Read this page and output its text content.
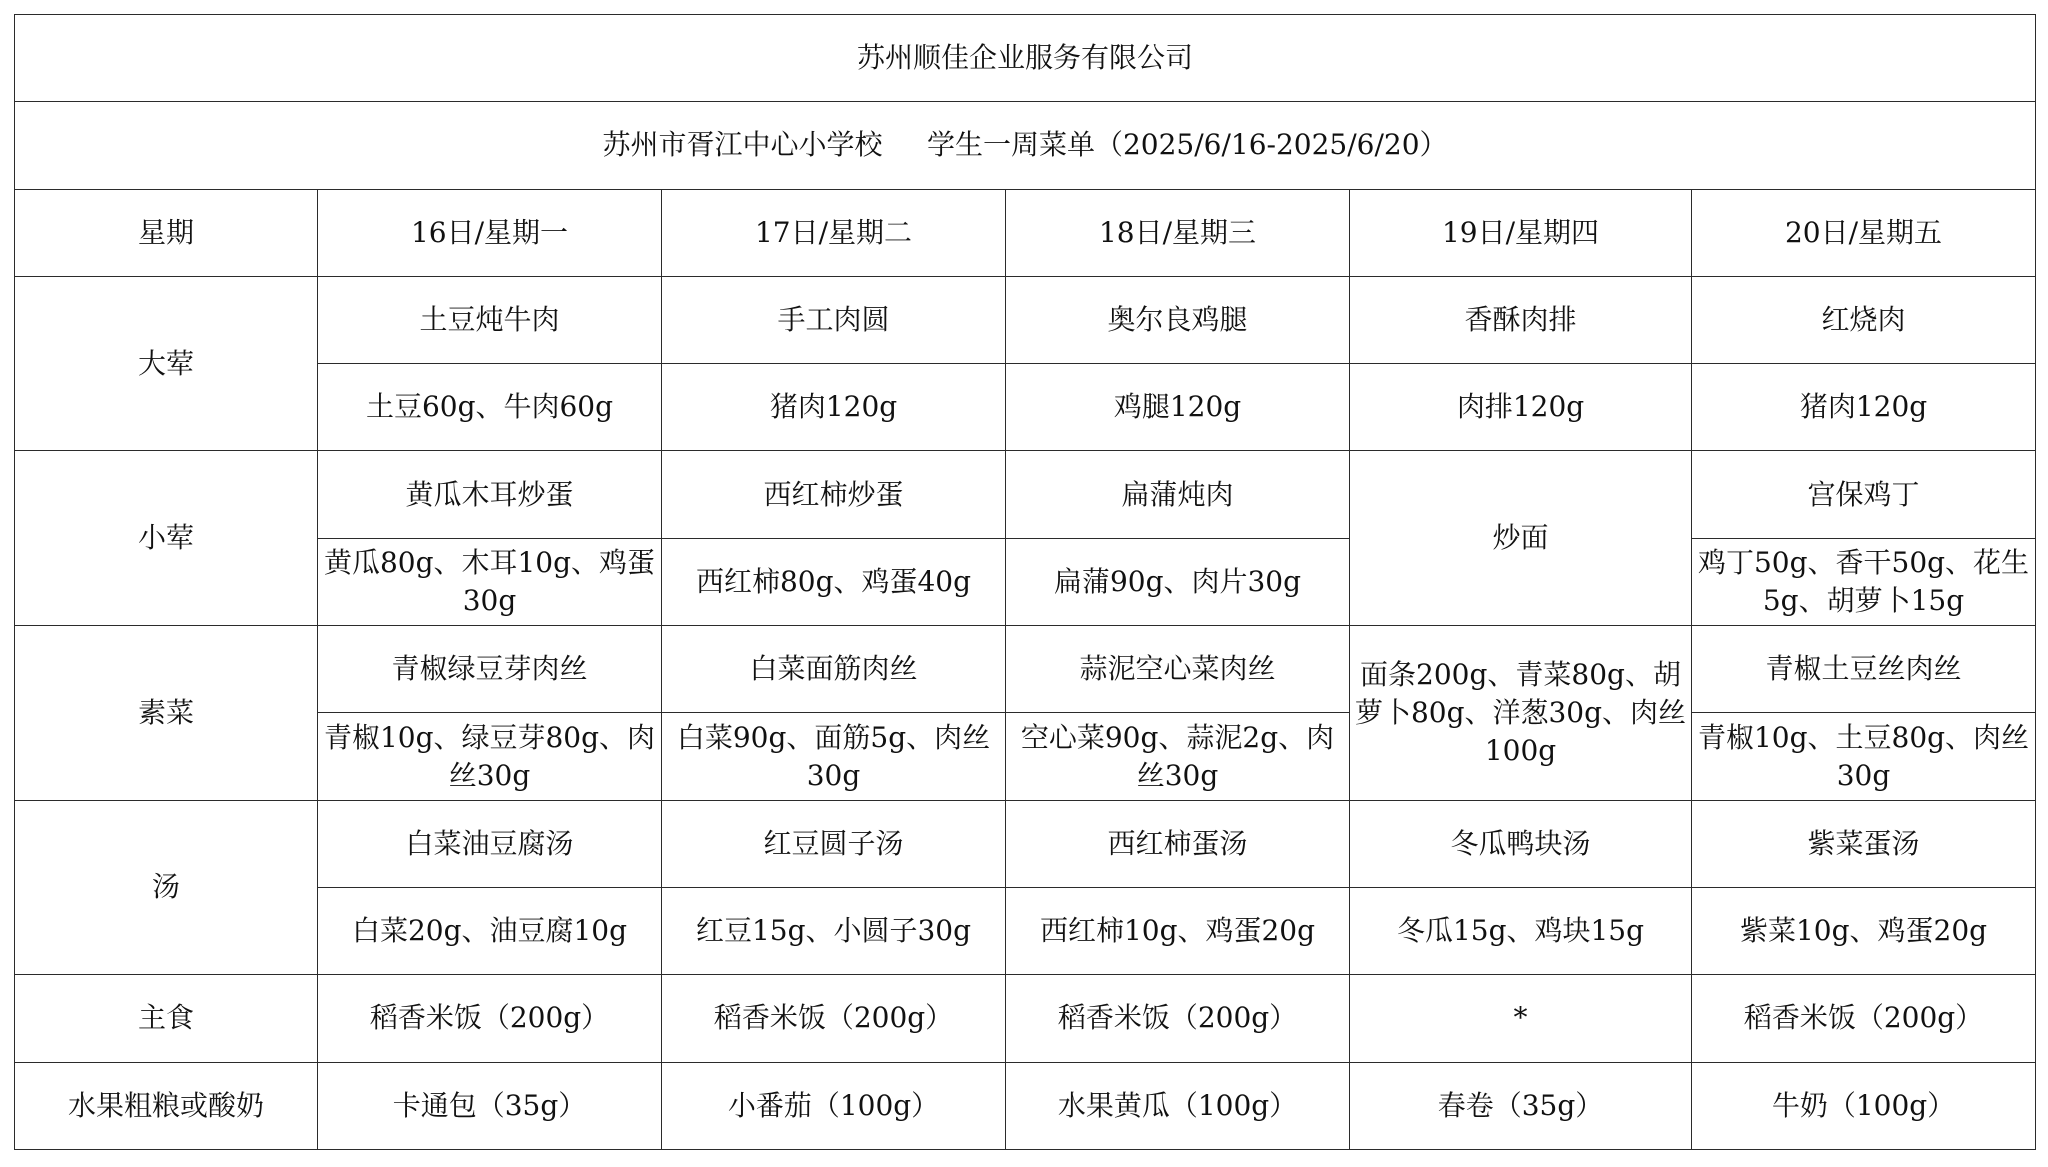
苏州顺佳企业服务有限公司					
苏州市胥江中心小学校     学生一周菜单（2025/6/16-2025/6/20）					
星期	16日/星期一	17日/星期二	18日/星期三	19日/星期四	20日/星期五
大荤	土豆炖牛肉	手工肉圆	奥尔良鸡腿	香酥肉排	红烧肉
	土豆60g、牛肉60g	猪肉120g	鸡腿120g	肉排120g	猪肉120g
小荤	黄瓜木耳炒蛋	西红柿炒蛋	扁蒲炖肉	炒面	宫保鸡丁
	黄瓜80g、木耳10g、鸡蛋30g	西红柿80g、鸡蛋40g	扁蒲90g、肉片30g		鸡丁50g、香干50g、花生5g、胡萝卜15g
素菜	青椒绿豆芽肉丝	白菜面筋肉丝	蒜泥空心菜肉丝	面条200g、青菜80g、胡萝卜80g、洋葱30g、肉丝100g	青椒土豆丝肉丝
	青椒10g、绿豆芽80g、肉丝30g	白菜90g、面筋5g、肉丝30g	空心菜90g、蒜泥2g、肉丝30g		青椒10g、土豆80g、肉丝30g
汤	白菜油豆腐汤	红豆圆子汤	西红柿蛋汤	冬瓜鸭块汤	紫菜蛋汤
	白菜20g、油豆腐10g	红豆15g、小圆子30g	西红柿10g、鸡蛋20g	冬瓜15g、鸡块15g	紫菜10g、鸡蛋20g
主食	稻香米饭（200g）	稻香米饭（200g）	稻香米饭（200g）	*	稻香米饭（200g）
水果粗粮或酸奶	卡通包（35g）	小番茄（100g）	水果黄瓜（100g）	春卷（35g）	牛奶（100g）
